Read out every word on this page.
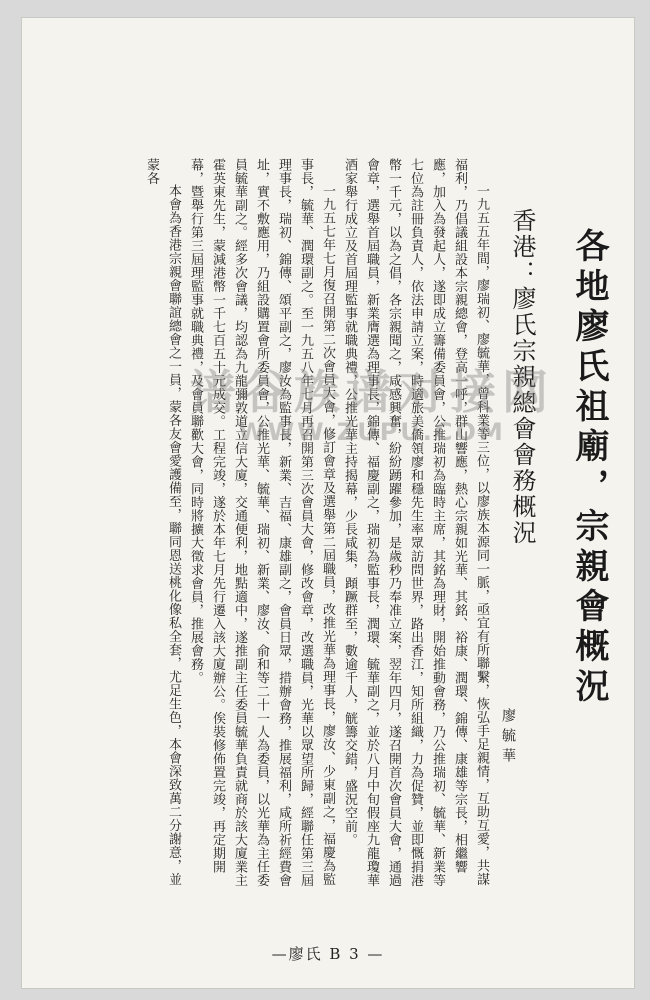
各地廖氏祖廟，宗親會概況
香港：廖氏宗親總會會務概況
廖毓華

一九五五年間，廖瑞初、廖毓華，曾科業等三位，以廖族本源同一脈，亟宜有所聯繫，恢弘手足親情，互助互愛，共謀福利，乃倡議組設本宗親總會，登高一呼，群山響應，熱心宗親如光華、其銘、裕康、潤環、錦傳、康雄等宗長，相繼響應，加入為發起人，遂即成立籌備委員會，公推瑞初為臨時主席，其銘為理財，開始推動會務，乃公推瑞初、毓華、新業等七位為註冊負責人，依法申請立案，時適旅美僑領廖和穩先生率眾訪問世界，路出香江，知所組織，力為促贊，並即慨捐港幣一千元，以為之倡，各宗親聞之，咸感興奮，紛紛踴躍參加，是歲秒乃奉准立案，翌年四月，遂召開首次會員大會，通過會章，選舉首屆職員，新業膺選為理事長，錦傳、福慶副之，瑞初為監事長，潤環、毓華副之，並於八月中旬假座九龍瓊華酒家舉行成立及首屆理監事就職典禮，公推光華主持揭幕，少長咸集，蹞蹶群至，數逾千人，觥籌交錯，盛況空前。

一九五七年七月復召開第二次會員大會，修訂會章及選舉第二屆職員，改推光華為理事長，廖汝、少東副之，福慶為監事長，毓華、潤環副之。至一九五八年七月再召開第三次會員大會，修改會章，改選職員，光華以眾望所歸，經聯任第三屆理事長，瑞初、錦傳、頌平副之，廖汝為監事長，新業、吉福、康雄副之，會員日眾，措辦會務，推展福利，咸所祈經費會址，實不敷應用，乃組設購置會所委員會，公推光華、毓華、瑞初、新業、廖汝、俞和等二十一人為委員，以光華為主任委員毓華副之。經多次會議，均認為九龍彌敦道立信大廈，交通便利，地點適中，遂推副主任委員毓華負責就商於該大廈業主霍英東先生，蒙減港幣一千七百五十元成交。工程完竣，遂於本年七月先行遷入該大廈辦公。俟裝修佈置完竣，再定期開幕，暨舉行第三屆理監事就職典禮，及會員聯歡大會，同時將擴大徵求會員，推展會務。

本會為香港宗親會聯誼總會之一員，蒙各友會愛護備至，聯同恩送桃化像私全套，尤足生色，本會深致萬二分謝意，並蒙各

谱谷族谱对接网
WWW.ZUPU.COM
—廖氏 B 3 —
